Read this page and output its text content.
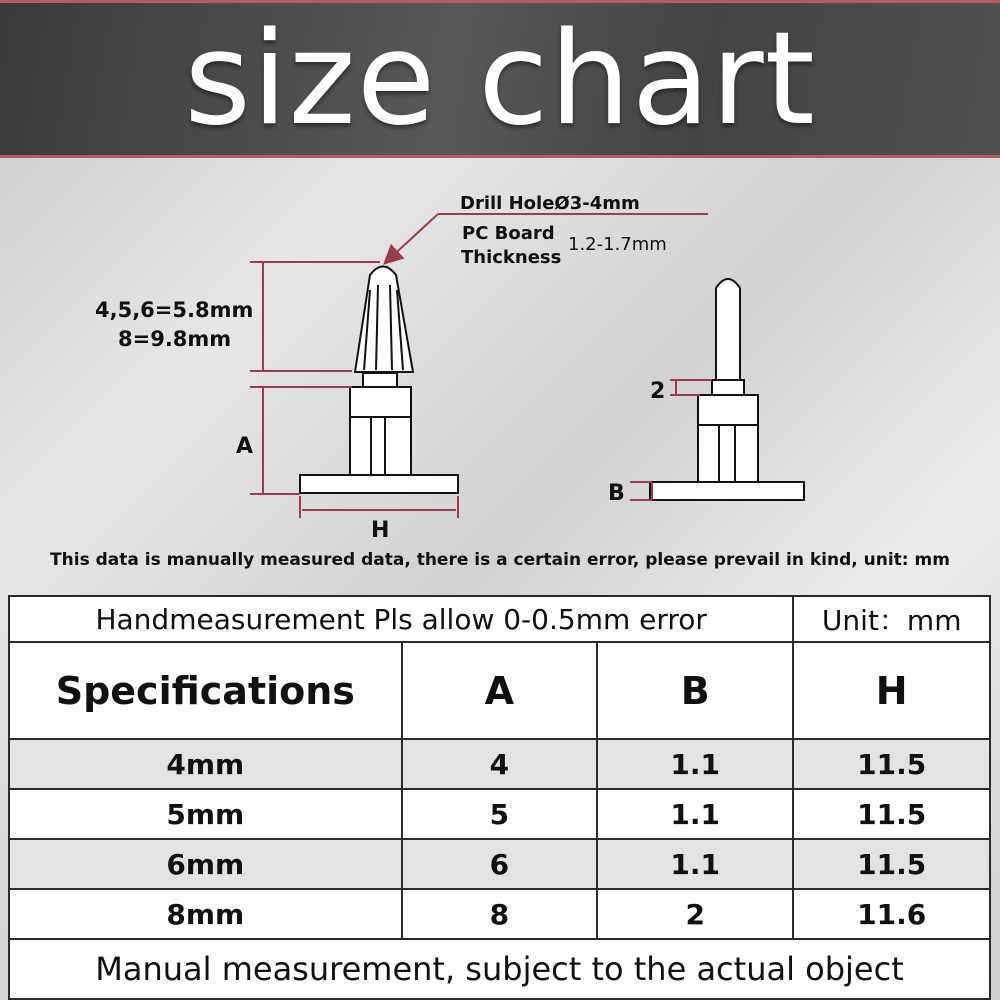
size chart
Drill HoleØ3-4mm
PC Board
Thickness
1.2-1.7mm
4,5,6=5.8mm
8=9.8mm
A
H
2
B
This data is manually measured data, there is a certain error, please prevail in kind, unit: mm
Handmeasurement Pls allow 0-0.5mm error			Unit：mm
Specifications	A	B	H
4mm	4	1.1	11.5
5mm	5	1.1	11.5
6mm	6	1.1	11.5
8mm	8	2	11.6
Manual measurement, subject to the actual object			
